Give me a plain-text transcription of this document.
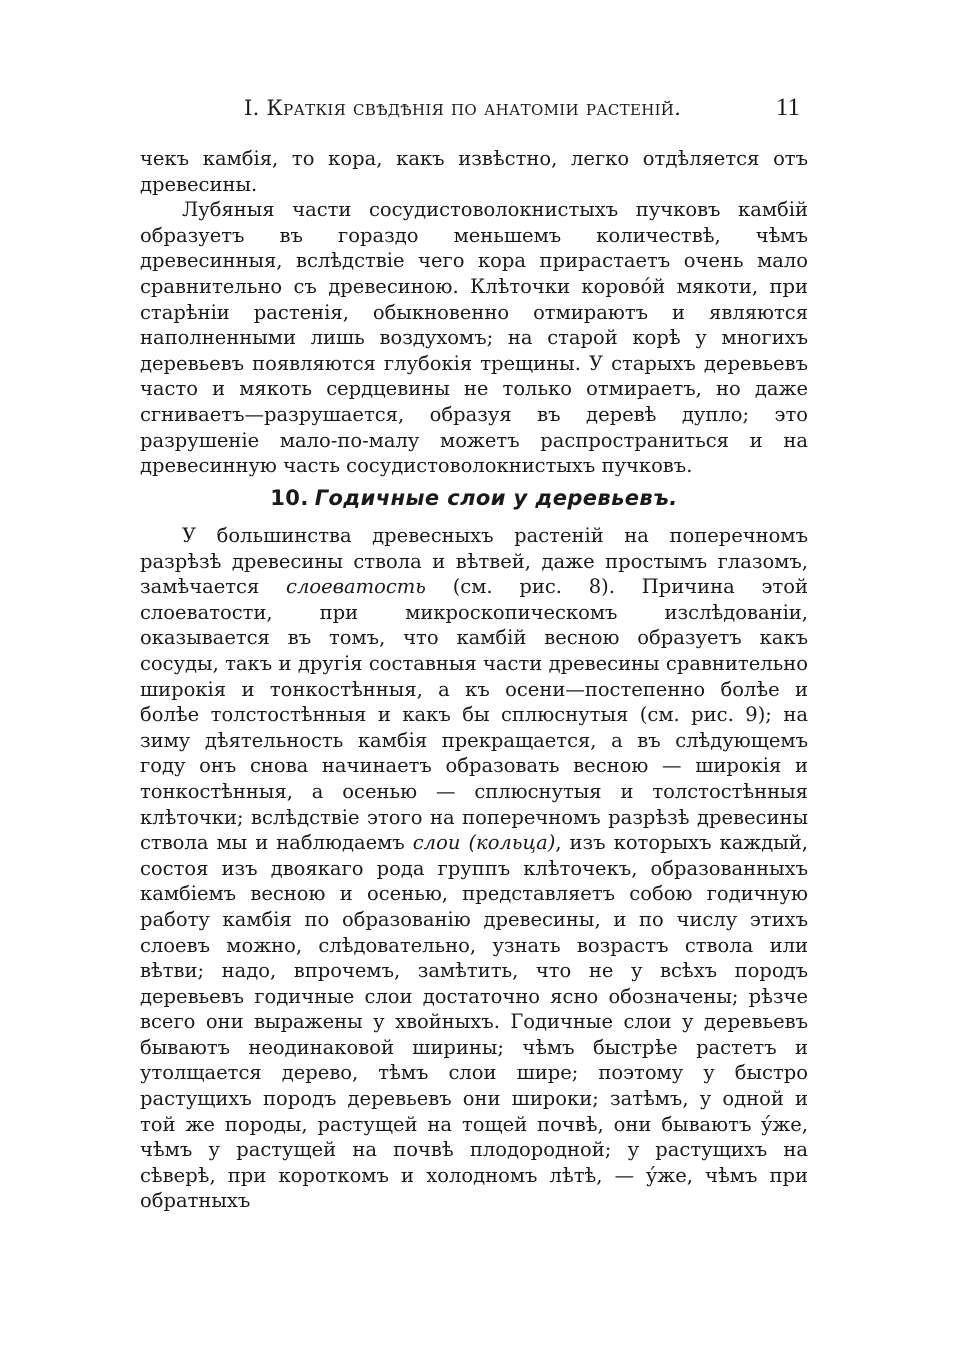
I. Краткія свѣдѣнія по анатоміи растеній.	11

чекъ камбія, то кора, какъ извѣстно, легко отдѣляется отъ древесины.

Лубяныя части сосудистоволокнистыхъ пучковъ камбій образуетъ въ гораздо меньшемъ количествѣ, чѣмъ древесинныя, вслѣдствіе чего кора прирастаетъ очень мало сравнительно съ древесиною. Клѣточки коровóй мякоти, при старѣніи растенія, обыкновенно отмираютъ и являются наполненными лишь воздухомъ; на старой корѣ у многихъ деревьевъ появляются глубокія трещины. У старыхъ деревьевъ часто и мякоть сердцевины не только отмираетъ, но даже сгниваетъ—разрушается, образуя въ деревѣ дупло; это разрушеніе мало-по-малу можетъ распространиться и на древесинную часть сосудистоволокнистыхъ пучковъ.

10. Годичные слои у деревьевъ.

У большинства древесныхъ растеній на поперечномъ разрѣзѣ древесины ствола и вѣтвей, даже простымъ глазомъ, замѣчается слоеватость (см. рис. 8). Причина этой слоеватости, при микроскопическомъ изслѣдованіи, оказывается въ томъ, что камбій весною образуетъ какъ сосуды, такъ и другія составныя части древесины сравнительно широкія и тонкостѣнныя, а къ осени—постепенно болѣе и болѣе толстостѣнныя и какъ бы сплюснутыя (см. рис. 9); на зиму дѣятельность камбія прекращается, а въ слѣдующемъ году онъ снова начинаетъ образовать весною — широкія и тонкостѣнныя, а осенью — сплюснутыя и толстостѣнныя клѣточки; вслѣдствіе этого на поперечномъ разрѣзѣ древесины ствола мы и наблюдаемъ слои (кольца), изъ которыхъ каждый, состоя изъ двоякаго рода группъ клѣточекъ, образованныхъ камбіемъ весною и осенью, представляетъ собою годичную работу камбія по образованію древесины, и по числу этихъ слоевъ можно, слѣдовательно, узнать возрастъ ствола или вѣтви; надо, впрочемъ, замѣтить, что не у всѣхъ породъ деревьевъ годичные слои достаточно ясно обозначены; рѣзче всего они выражены у хвойныхъ. Годичные слои у деревьевъ бываютъ неодинаковой ширины; чѣмъ быстрѣе растетъ и утолщается дерево, тѣмъ слои шире; поэтому у быстро растущихъ породъ деревьевъ они широки; затѣмъ, у одной и той же породы, растущей на тощей почвѣ, они бываютъ ýже, чѣмъ у растущей на почвѣ плодородной; у растущихъ на сѣверѣ, при короткомъ и холодномъ лѣтѣ, — ýже, чѣмъ при обратныхъ
